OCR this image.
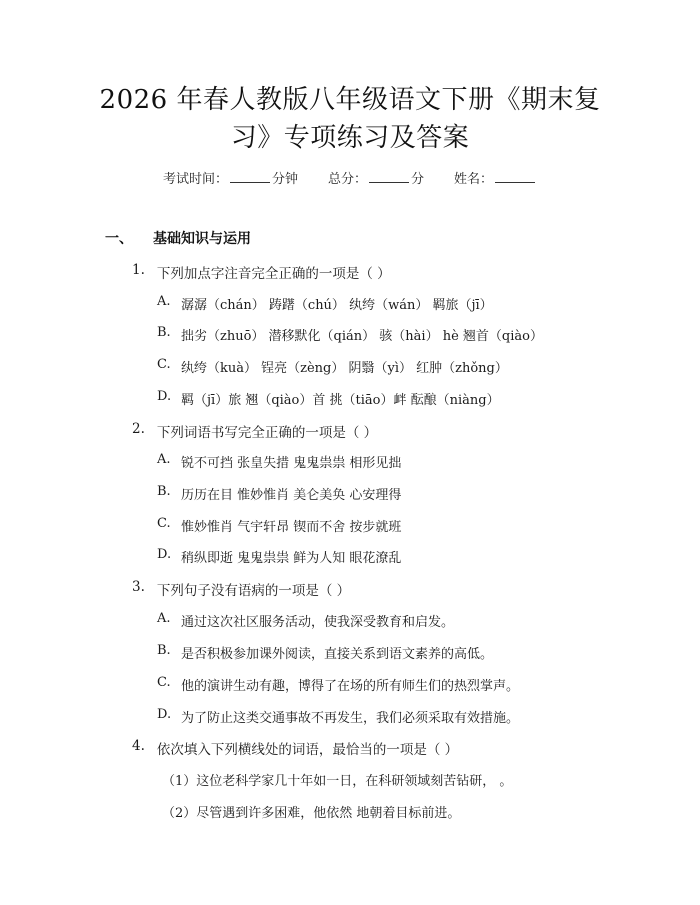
2026 年春人教版八年级语文下册《期末复
习》专项练习及答案
考试时间：	分钟 总分：	分 姓名：
一、 基础知识与运用
1. 下列加点字注音完全正确的一项是（ ）
A. 潺潺（chán） 踌躇（chú） 纨绔（wán） 羁旅（jī）
B. 拙劣（zhuō） 潜移默化（qián） 骇（hài） hè 翘首（qiào）
C. 纨绔（kuà） 锃亮（zèng） 阴翳（yì） 红肿（zhǒng）
D. 羁（jī）旅 翘（qiào）首 挑（tiāo）衅 酝酿（niàng）
2. 下列词语书写完全正确的一项是（ ）
A. 锐不可挡 张皇失措 鬼鬼祟祟 相形见拙
B. 历历在目 惟妙惟肖 美仑美奂 心安理得
C. 惟妙惟肖 气宇轩昂 锲而不舍 按步就班
D. 稍纵即逝 鬼鬼祟祟 鲜为人知 眼花潦乱
3. 下列句子没有语病的一项是（ ）
A. 通过这次社区服务活动，使我深受教育和启发。
B. 是否积极参加课外阅读，直接关系到语文素养的高低。
C. 他的演讲生动有趣，博得了在场的所有师生们的热烈掌声。
D. 为了防止这类交通事故不再发生，我们必须采取有效措施。
4. 依次填入下列横线处的词语，最恰当的一项是（ ）
（1）这位老科学家几十年如一日，在科研领域刻苦钻研， 。
（2）尽管遇到许多困难，他依然 地朝着目标前进。
